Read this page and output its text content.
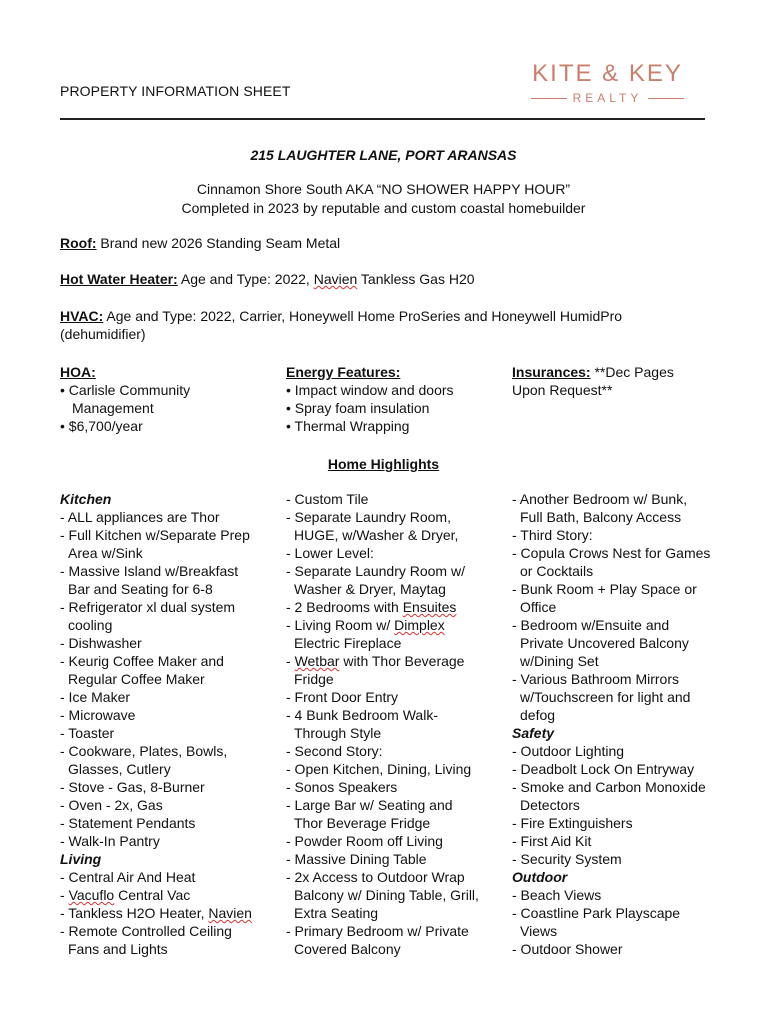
PROPERTY INFORMATION SHEET
KITE & KEY
REALTY
215 LAUGHTER LANE, PORT ARANSAS
Cinnamon Shore South AKA “NO SHOWER HAPPY HOUR”
Completed in 2023 by reputable and custom coastal homebuilder
Roof: Brand new 2026 Standing Seam Metal
Hot Water Heater: Age and Type: 2022, Navien Tankless Gas H20
HVAC: Age and Type: 2022, Carrier, Honeywell Home ProSeries and Honeywell HumidPro (dehumidifier)
HOA:
• Carlisle Community Management
• $6,700/year
Energy Features:
• Impact window and doors
• Spray foam insulation
• Thermal Wrapping
Insurances: **Dec Pages Upon Request**
Home Highlights
Kitchen
- ALL appliances are Thor
- Full Kitchen w/Separate Prep Area w/Sink
- Massive Island w/Breakfast Bar and Seating for 6-8
- Refrigerator xl dual system cooling
- Dishwasher
- Keurig Coffee Maker and Regular Coffee Maker
- Ice Maker
- Microwave
- Toaster
- Cookware, Plates, Bowls, Glasses, Cutlery
- Stove - Gas, 8-Burner
- Oven - 2x, Gas
- Statement Pendants
- Walk-In Pantry
Living
- Central Air And Heat
- Vacuflo Central Vac
- Tankless H2O Heater, Navien
- Remote Controlled Ceiling Fans and Lights
- Custom Tile
- Separate Laundry Room, HUGE, w/Washer & Dryer,
- Lower Level:
- Separate Laundry Room w/ Washer & Dryer, Maytag
- 2 Bedrooms with Ensuites
- Living Room w/ Dimplex Electric Fireplace
- Wetbar with Thor Beverage Fridge
- Front Door Entry
- 4 Bunk Bedroom Walk-Through Style
- Second Story:
- Open Kitchen, Dining, Living
- Sonos Speakers
- Large Bar w/ Seating and Thor Beverage Fridge
- Powder Room off Living
- Massive Dining Table
- 2x Access to Outdoor Wrap Balcony w/ Dining Table, Grill, Extra Seating
- Primary Bedroom w/ Private Covered Balcony
- Another Bedroom w/ Bunk, Full Bath, Balcony Access
- Third Story:
- Copula Crows Nest for Games or Cocktails
- Bunk Room + Play Space or Office
- Bedroom w/Ensuite and Private Uncovered Balcony w/Dining Set
- Various Bathroom Mirrors w/Touchscreen for light and defog
Safety
- Outdoor Lighting
- Deadbolt Lock On Entryway
- Smoke and Carbon Monoxide Detectors
- Fire Extinguishers
- First Aid Kit
- Security System
Outdoor
- Beach Views
- Coastline Park Playscape Views
- Outdoor Shower
